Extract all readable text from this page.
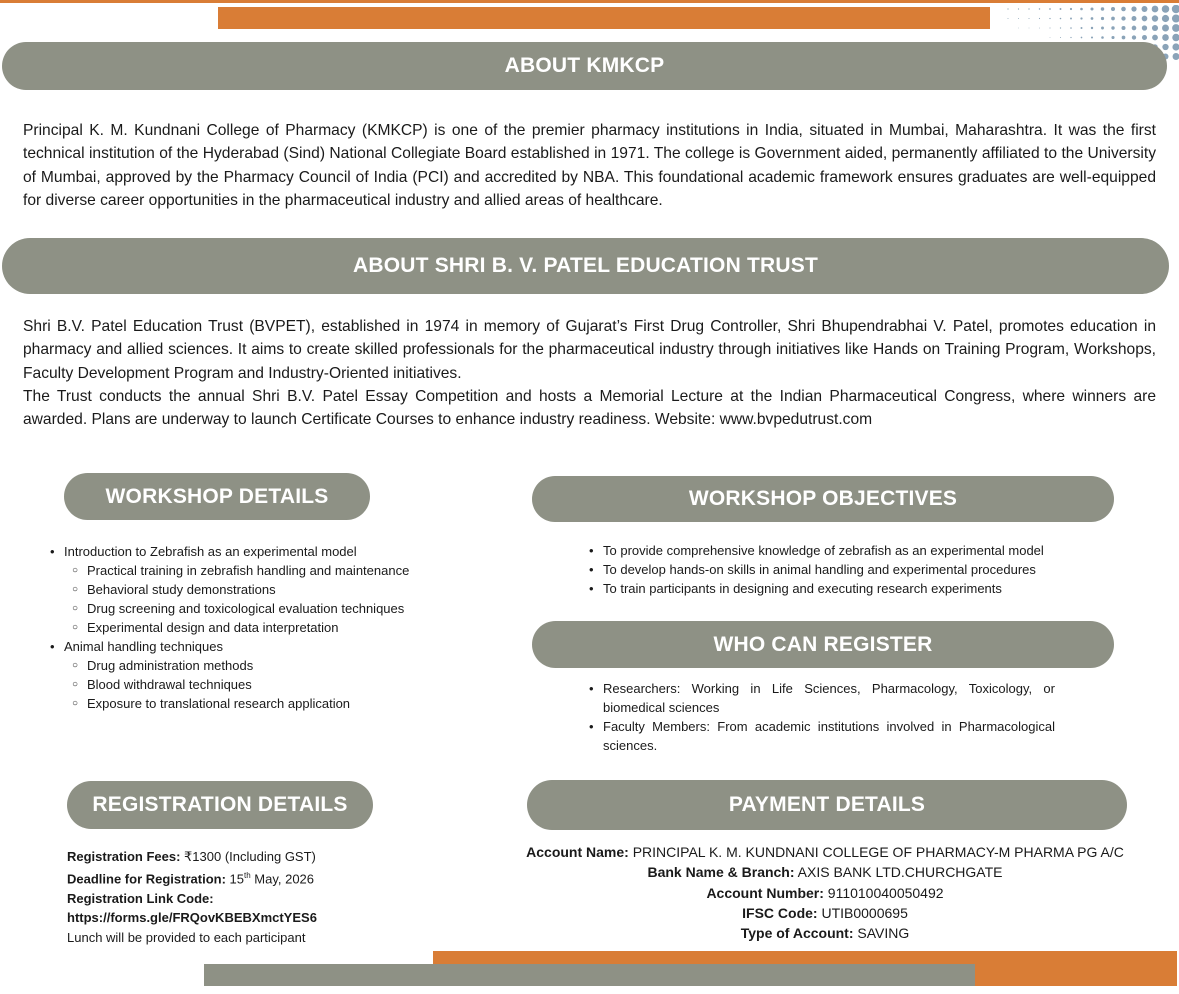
ABOUT KMKCP

Principal K. M. Kundnani College of Pharmacy (KMKCP) is one of the premier pharmacy institutions in India, situated in Mumbai, Maharashtra. It was the first technical institution of the Hyderabad (Sind) National Collegiate Board established in 1971. The college is Government aided, permanently affiliated to the University of Mumbai, approved by the Pharmacy Council of India (PCI) and accredited by NBA. This foundational academic framework ensures graduates are well-equipped for diverse career opportunities in the pharmaceutical industry and allied areas of healthcare.

ABOUT SHRI B. V. PATEL EDUCATION TRUST
Shri B.V. Patel Education Trust (BVPET), established in 1974 in memory of Gujarat’s First Drug Controller, Shri Bhupendrabhai V. Patel, promotes education in pharmacy and allied sciences. It aims to create skilled professionals for the pharmaceutical industry through initiatives like Hands on Training Program, Workshops, Faculty Development Program and Industry-Oriented initiatives.
The Trust conducts the annual Shri B.V. Patel Essay Competition and hosts a Memorial Lecture at the Indian Pharmaceutical Congress, where winners are awarded. Plans are underway to launch Certificate Courses to enhance industry readiness. Website: www.bvpedutrust.com
WORKSHOP DETAILS
• Introduction to Zebrafish as an experimental model
○ Practical training in zebrafish handling and maintenance
○ Behavioral study demonstrations
○ Drug screening and toxicological evaluation techniques
○ Experimental design and data interpretation
• Animal handling techniques
○ Drug administration methods
○ Blood withdrawal techniques
○ Exposure to translational research application
WORKSHOP OBJECTIVES
• To provide comprehensive knowledge of zebrafish as an experimental model
• To develop hands-on skills in animal handling and experimental procedures
• To train participants in designing and executing research experiments
WHO CAN REGISTER
• Researchers: Working in Life Sciences, Pharmacology, Toxicology, or biomedical sciences
• Faculty Members: From academic institutions involved in Pharmacological sciences.
REGISTRATION DETAILS
Registration Fees: ₹1300 (Including GST)
Deadline for Registration: 15th May, 2026
Registration Link Code:
https://forms.gle/FRQovKBEBXmctYES6
Lunch will be provided to each participant
PAYMENT DETAILS
Account Name: PRINCIPAL K. M. KUNDNANI COLLEGE OF PHARMACY-M PHARMA PG A/C
Bank Name & Branch: AXIS BANK LTD.CHURCHGATE
Account Number: 911010040050492
IFSC Code: UTIB0000695
Type of Account: SAVING
